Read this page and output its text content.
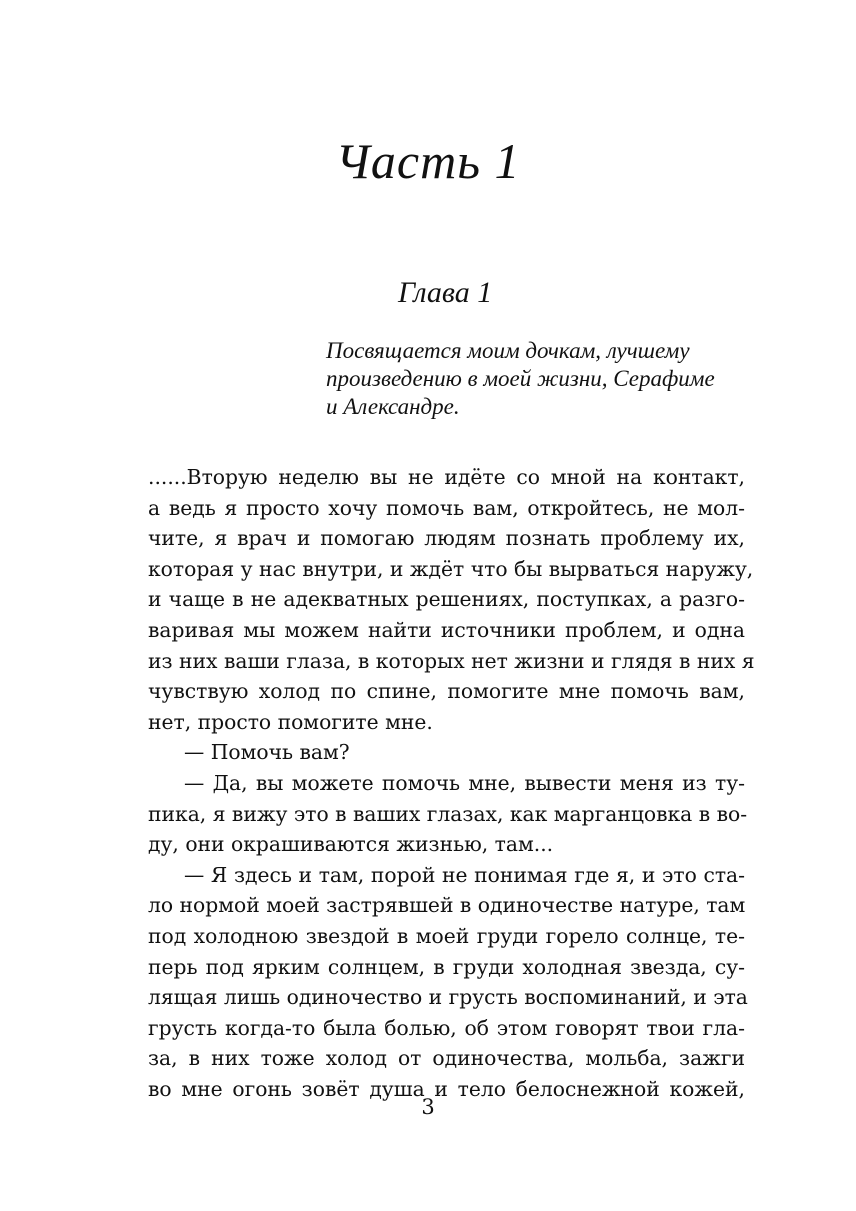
Часть 1
Глава 1
Посвящается моим дочкам, лучшему
произведению в моей жизни, Серафиме
и Александре.
......Вторую неделю вы не идёте со мной на контакт,
а ведь я просто хочу помочь вам, откройтесь, не мол-
чите, я врач и помогаю людям познать проблему их,
которая у нас внутри, и ждёт что бы вырваться наружу,
и чаще в не адекватных решениях, поступках, а разго-
варивая мы можем найти источники проблем, и одна
из них ваши глаза, в которых нет жизни и глядя в них я
чувствую холод по спине, помогите мне помочь вам,
нет, просто помогите мне.
— Помочь вам?
— Да, вы можете помочь мне, вывести меня из ту-
пика, я вижу это в ваших глазах, как марганцовка в во-
ду, они окрашиваются жизнью, там...
— Я здесь и там, порой не понимая где я, и это ста-
ло нормой моей застрявшей в одиночестве натуре, там
под холодною звездой в моей груди горело солнце, те-
перь под ярким солнцем, в груди холодная звезда, су-
лящая лишь одиночество и грусть воспоминаний, и эта
грусть когда-то была болью, об этом говорят твои гла-
за, в них тоже холод от одиночества, мольба, зажги
во мне огонь зовёт душа и тело белоснежной кожей,
3
